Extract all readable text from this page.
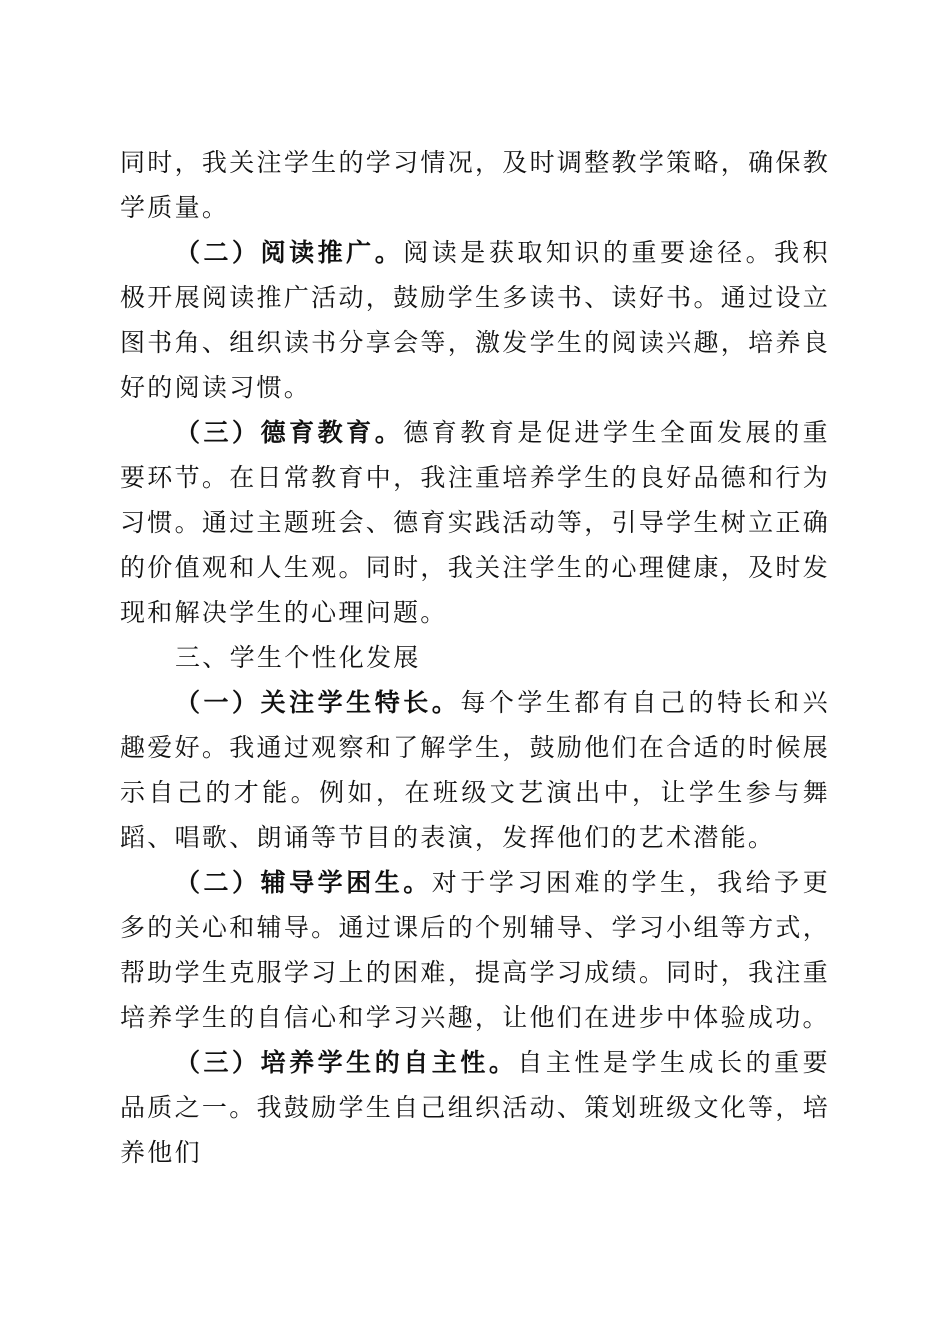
同时，我关注学生的学习情况，及时调整教学策略，确保教学质量。

（二）阅读推广。阅读是获取知识的重要途径。我积极开展阅读推广活动，鼓励学生多读书、读好书。通过设立图书角、组织读书分享会等，激发学生的阅读兴趣，培养良好的阅读习惯。

（三）德育教育。德育教育是促进学生全面发展的重要环节。在日常教育中，我注重培养学生的良好品德和行为习惯。通过主题班会、德育实践活动等，引导学生树立正确的价值观和人生观。同时，我关注学生的心理健康，及时发现和解决学生的心理问题。

三、学生个性化发展

（一）关注学生特长。每个学生都有自己的特长和兴趣爱好。我通过观察和了解学生，鼓励他们在合适的时候展示自己的才能。例如，在班级文艺演出中，让学生参与舞蹈、唱歌、朗诵等节目的表演，发挥他们的艺术潜能。

（二）辅导学困生。对于学习困难的学生，我给予更多的关心和辅导。通过课后的个别辅导、学习小组等方式，帮助学生克服学习上的困难，提高学习成绩。同时，我注重培养学生的自信心和学习兴趣，让他们在进步中体验成功。

（三）培养学生的自主性。自主性是学生成长的重要品质之一。我鼓励学生自己组织活动、策划班级文化等，培养他们
